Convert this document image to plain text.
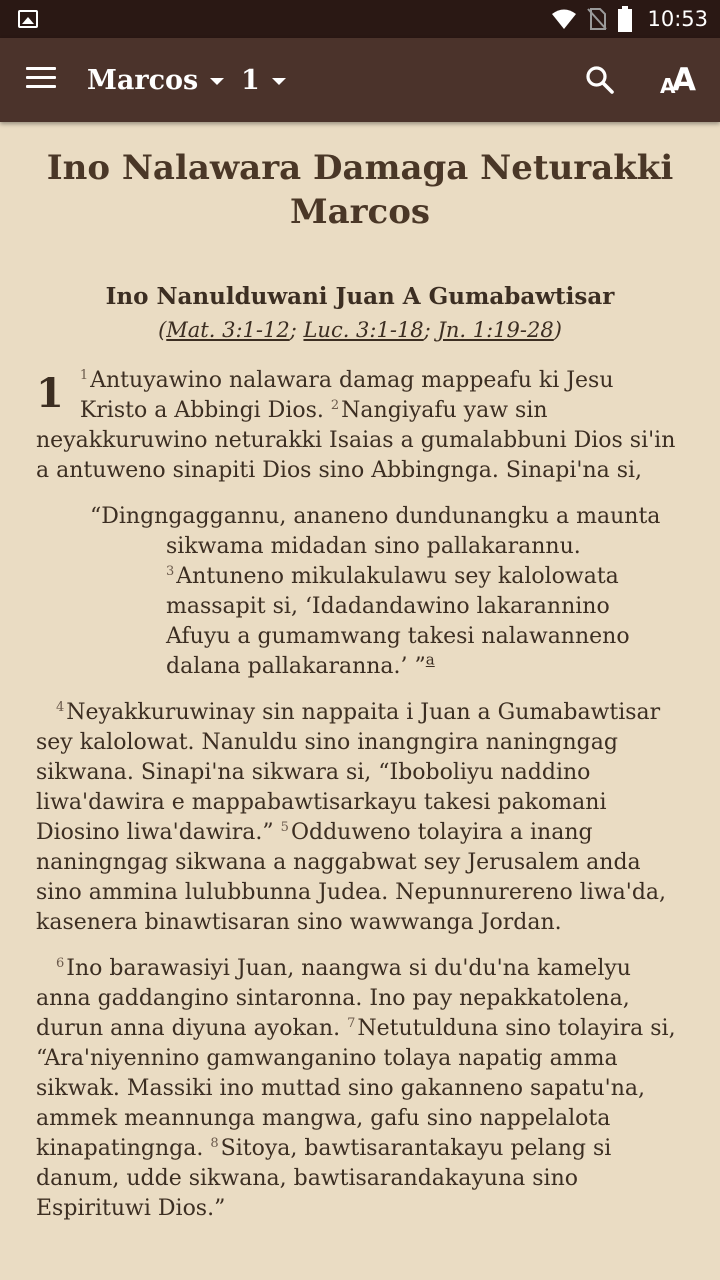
10:53
Marcos 1	A
A
Ino Nalawara Damaga Neturakki Marcos
Ino Nanulduwani Juan A Gumabawtisar
(Mat. 3:1-12; Luc. 3:1-18; Jn. 1:19-28)

1 $^1$Antuyawino nalawara damag mappeafu ki Jesu Kristo a Abbingi Dios. $^2$Nangiyafu yaw sin neyakkuruwino neturakki Isaias a gumalabbuni Dios si'in a antuweno sinapiti Dios sino Abbingnga. Sinapi'na si,

“Dingngaggannu, ananeno dundunangku a maunta
sikwama midadan sino pallakarannu.
$^3$Antuneno mikulakulawu sey kalolowata
massapit si, ‘Idadandawino lakarannino
Afuyu a gumamwang takesi nalawanneno
dalana pallakaranna.’ ”$^a$

$^4$Neyakkuruwinay sin nappaita i Juan a Gumabawtisar sey kalolowat. Nanuldu sino inangngira naningngag sikwana. Sinapi'na sikwara si, “Iboboliyu naddino liwa'dawira e mappabawtisarkayu takesi pakomani Diosino liwa'dawira.” $^5$Odduweno tolayira a inang naningngag sikwana a naggabwat sey Jerusalem anda sino ammina lulubbunna Judea. Nepunnurereno liwa'da, kasenera binawtisaran sino wawwanga Jordan.

$^6$Ino barawasiyi Juan, naangwa si du'du'na kamelyu anna gaddangino sintaronna. Ino pay nepakkatolena, durun anna diyuna ayokan. $^7$Netutulduna sino tolayira si, “Ara'niyennino gamwanganino tolaya napatig amma sikwak. Massiki ino muttad sino gakanneno sapatu'na, ammek meannunga mangwa, gafu sino nappelalota kinapatingnga. $^8$Sitoya, bawtisarantakayu pelang si danum, udde sikwana, bawtisarandakayuna sino Espirituwi Dios.”
